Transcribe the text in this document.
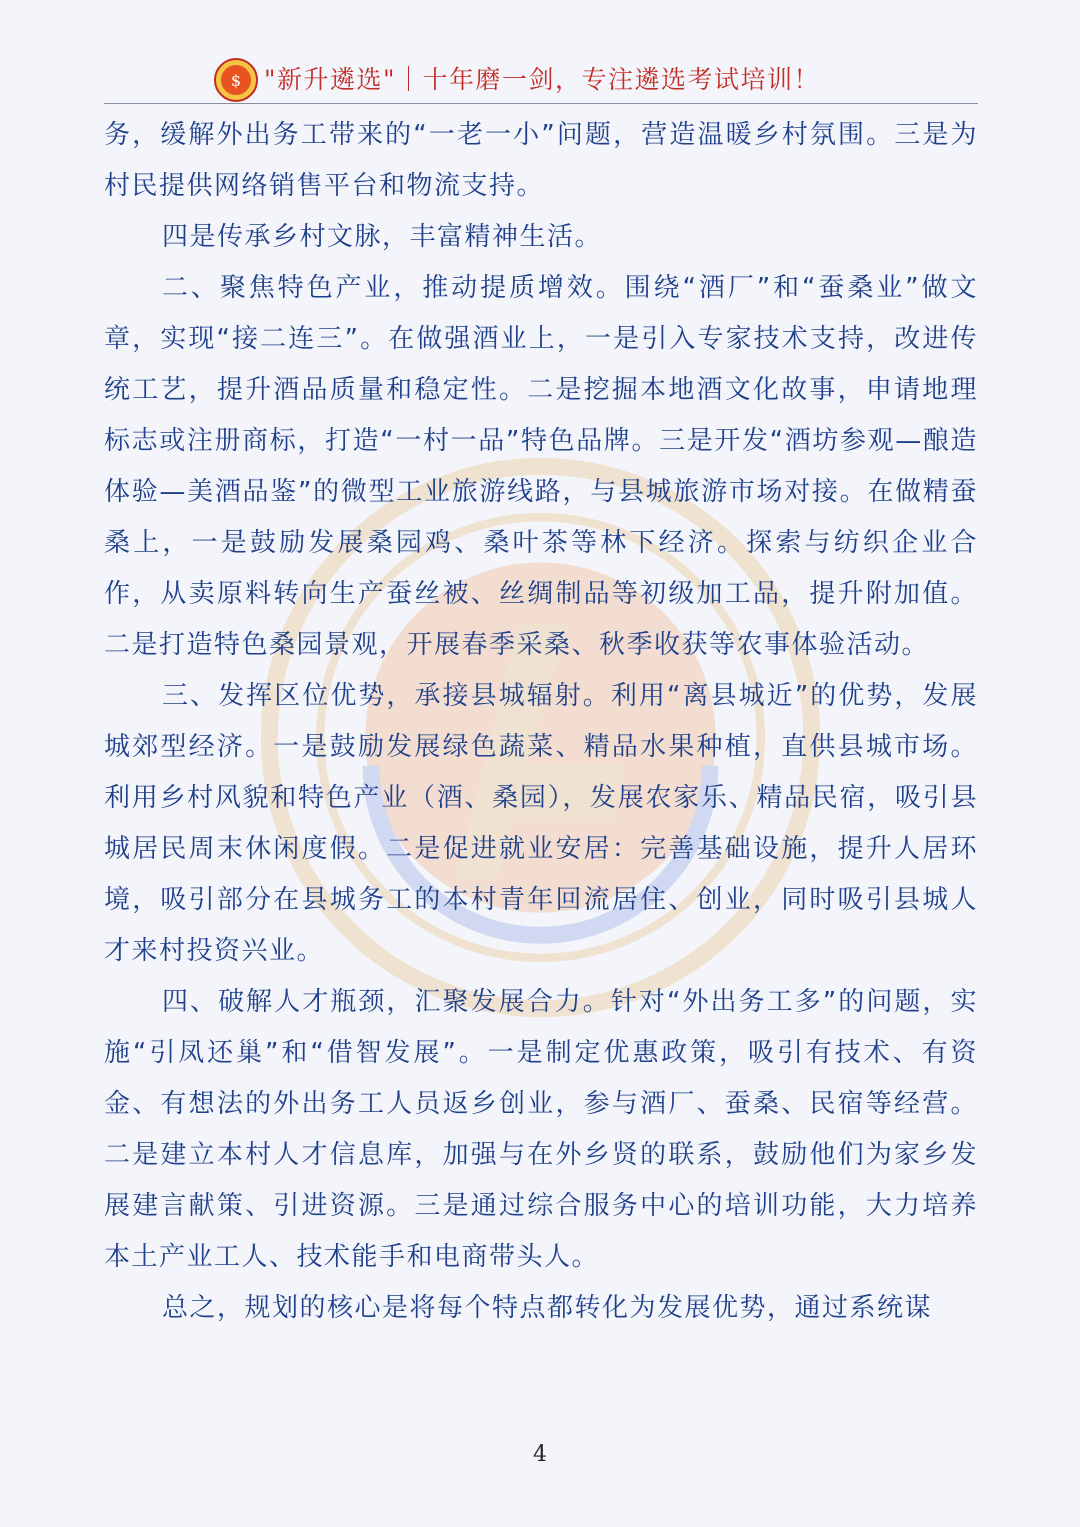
$ "新升遴选"｜十年磨一剑，专注遴选考试培训！

务，缓解外出务工带来的“一老一小”问题，营造温暖乡村氛围。三是为村民提供网络销售平台和物流支持。

四是传承乡村文脉，丰富精神生活。

二、聚焦特色产业，推动提质增效。围绕“酒厂”和“蚕桑业”做文章，实现“接二连三”。在做强酒业上，一是引入专家技术支持，改进传统工艺，提升酒品质量和稳定性。二是挖掘本地酒文化故事，申请地理标志或注册商标，打造“一村一品”特色品牌。三是开发“酒坊参观—酿造体验—美酒品鉴”的微型工业旅游线路，与县城旅游市场对接。在做精蚕桑上，一是鼓励发展桑园鸡、桑叶茶等林下经济。探索与纺织企业合作，从卖原料转向生产蚕丝被、丝绸制品等初级加工品，提升附加值。二是打造特色桑园景观，开展春季采桑、秋季收获等农事体验活动。

三、发挥区位优势，承接县城辐射。利用“离县城近”的优势，发展城郊型经济。一是鼓励发展绿色蔬菜、精品水果种植，直供县城市场。利用乡村风貌和特色产业（酒、桑园），发展农家乐、精品民宿，吸引县城居民周末休闲度假。二是促进就业安居：完善基础设施，提升人居环境，吸引部分在县城务工的本村青年回流居住、创业，同时吸引县城人才来村投资兴业。

四、破解人才瓶颈，汇聚发展合力。针对“外出务工多”的问题，实施“引凤还巢”和“借智发展”。一是制定优惠政策，吸引有技术、有资金、有想法的外出务工人员返乡创业，参与酒厂、蚕桑、民宿等经营。二是建立本村人才信息库，加强与在外乡贤的联系，鼓励他们为家乡发展建言献策、引进资源。三是通过综合服务中心的培训功能，大力培养本土产业工人、技术能手和电商带头人。

总之，规划的核心是将每个特点都转化为发展优势，通过系统谋

4
